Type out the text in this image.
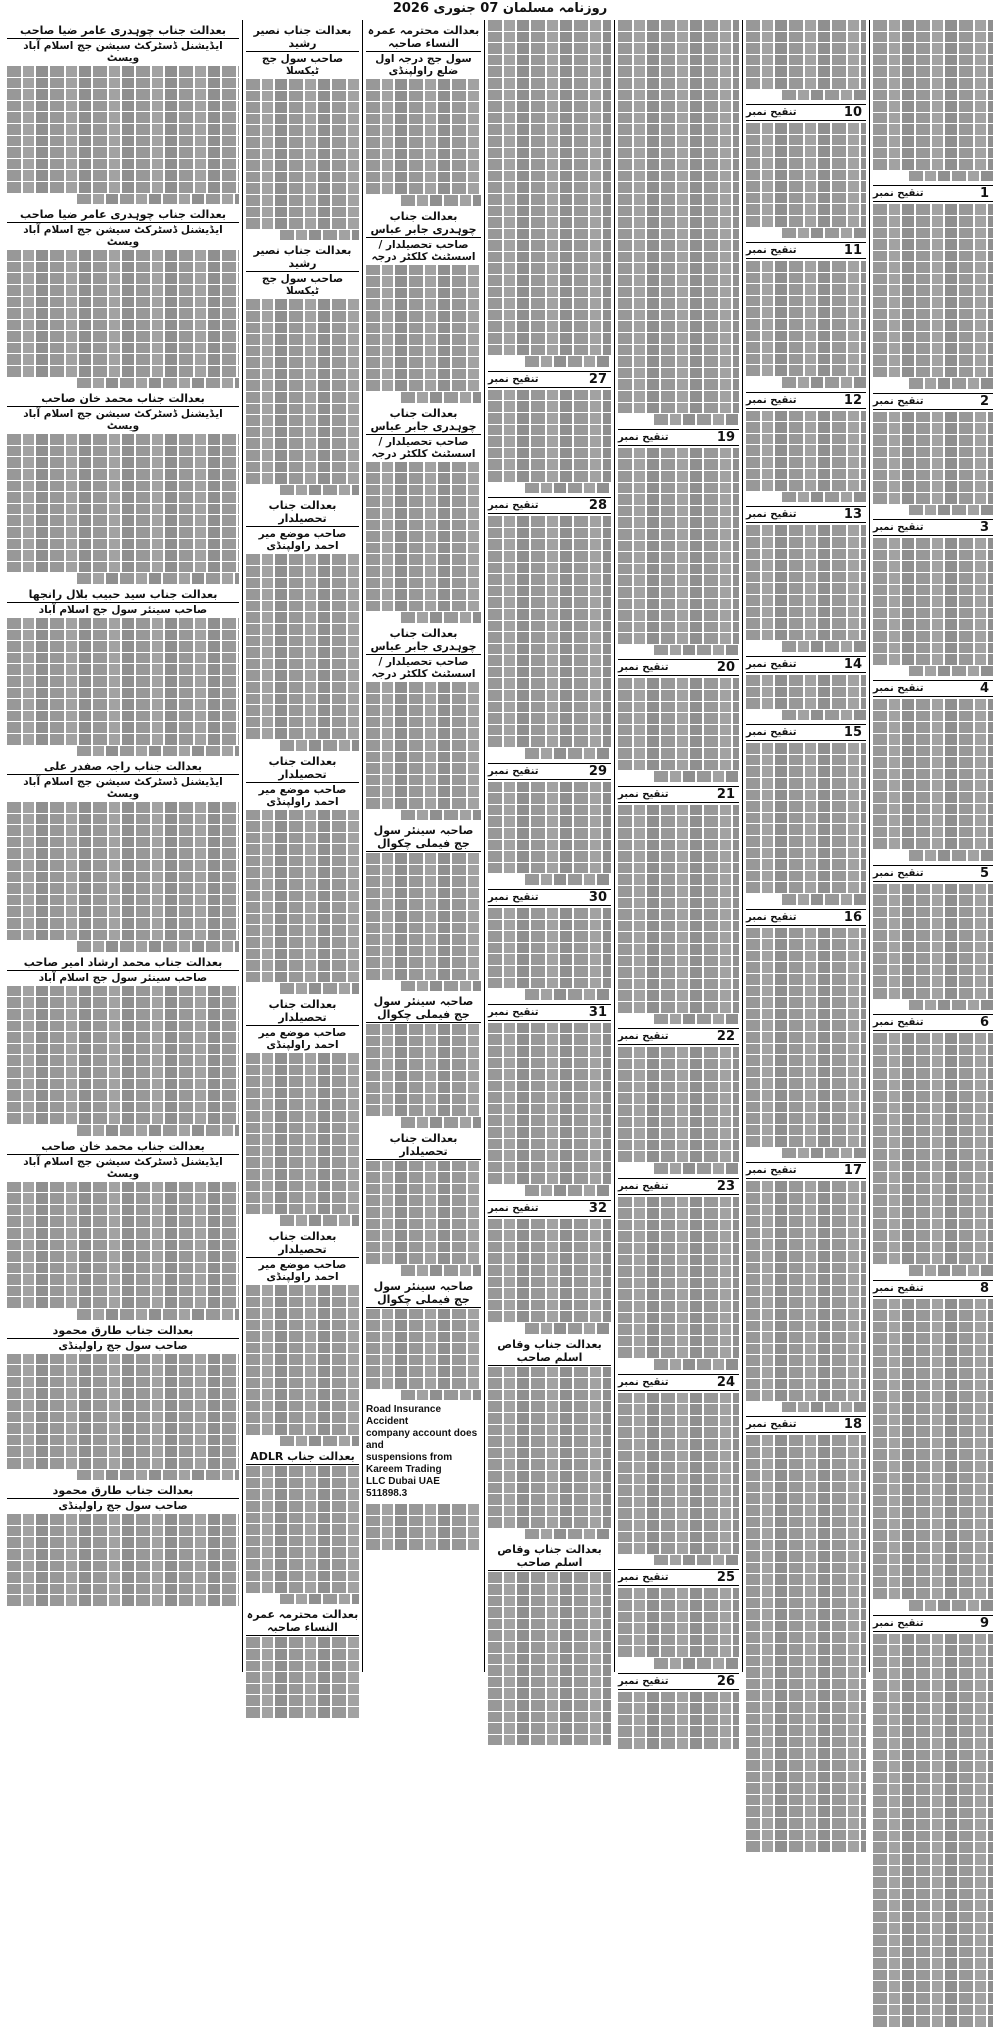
روزنامہ مسلمان 07 جنوری 2026
1
تنقیح نمبر
2
تنقیح نمبر
3
تنقیح نمبر
4
تنقیح نمبر
5
تنقیح نمبر
6
تنقیح نمبر
8
تنقیح نمبر
9
تنقیح نمبر
10
تنقیح نمبر
11
تنقیح نمبر
12
تنقیح نمبر
13
تنقیح نمبر
14
تنقیح نمبر
15
تنقیح نمبر
16
تنقیح نمبر
17
تنقیح نمبر
18
تنقیح نمبر
19
تنقیح نمبر
20
تنقیح نمبر
21
تنقیح نمبر
22
تنقیح نمبر
23
تنقیح نمبر
24
تنقیح نمبر
25
تنقیح نمبر
26
تنقیح نمبر
27
تنقیح نمبر
28
تنقیح نمبر
29
تنقیح نمبر
30
تنقیح نمبر
31
تنقیح نمبر
32
تنقیح نمبر
بعدالت جناب وقاص اسلم صاحب
بعدالت جناب وقاص اسلم صاحب
بعدالت محترمہ عمرہ النساء صاحبہ
سول جج درجہ اول ضلع راولپنڈی
بعدالت جناب چوہدری جابر عباس
صاحب تحصیلدار / اسسٹنٹ کلکٹر درجہ
بعدالت جناب چوہدری جابر عباس
صاحب تحصیلدار / اسسٹنٹ کلکٹر درجہ
بعدالت جناب چوہدری جابر عباس
صاحب تحصیلدار / اسسٹنٹ کلکٹر درجہ
صاحبہ سینئر سول جج فیملی چکوال
صاحبہ سینئر سول جج فیملی چکوال
بعدالت جناب تحصیلدار
صاحبہ سینئر سول جج فیملی چکوال
Road Insurance Accident
company account does and
suspensions from Kareem Trading
LLC Dubai UAE
511898.3
بعدالت جناب نصیر رشید
صاحب سول جج ٹیکسلا
بعدالت جناب نصیر رشید
صاحب سول جج ٹیکسلا
بعدالت جناب تحصیلدار
صاحب موضع میر احمد راولپنڈی
بعدالت جناب تحصیلدار
صاحب موضع میر احمد راولپنڈی
بعدالت جناب تحصیلدار
صاحب موضع میر احمد راولپنڈی
بعدالت جناب تحصیلدار
صاحب موضع میر احمد راولپنڈی
بعدالت جناب ADLR
بعدالت محترمہ عمرہ النساء صاحبہ
بعدالت جناب چوہدری عامر ضیا صاحب
ایڈیشنل ڈسٹرکٹ سیشن جج اسلام آباد ویسٹ
بعدالت جناب چوہدری عامر ضیا صاحب
ایڈیشنل ڈسٹرکٹ سیشن جج اسلام آباد ویسٹ
بعدالت جناب محمد خان صاحب
ایڈیشنل ڈسٹرکٹ سیشن جج اسلام آباد ویسٹ
بعدالت جناب سید حبیب بلال رانجھا
صاحب سینئر سول جج اسلام آباد
بعدالت جناب راجہ صفدر علی
ایڈیشنل ڈسٹرکٹ سیشن جج اسلام آباد ویسٹ
بعدالت جناب محمد ارشاد امیر صاحب
صاحب سینئر سول جج اسلام آباد
بعدالت جناب محمد خان صاحب
ایڈیشنل ڈسٹرکٹ سیشن جج اسلام آباد ویسٹ
بعدالت جناب طارق محمود
صاحب سول جج راولپنڈی
بعدالت جناب طارق محمود
صاحب سول جج راولپنڈی
